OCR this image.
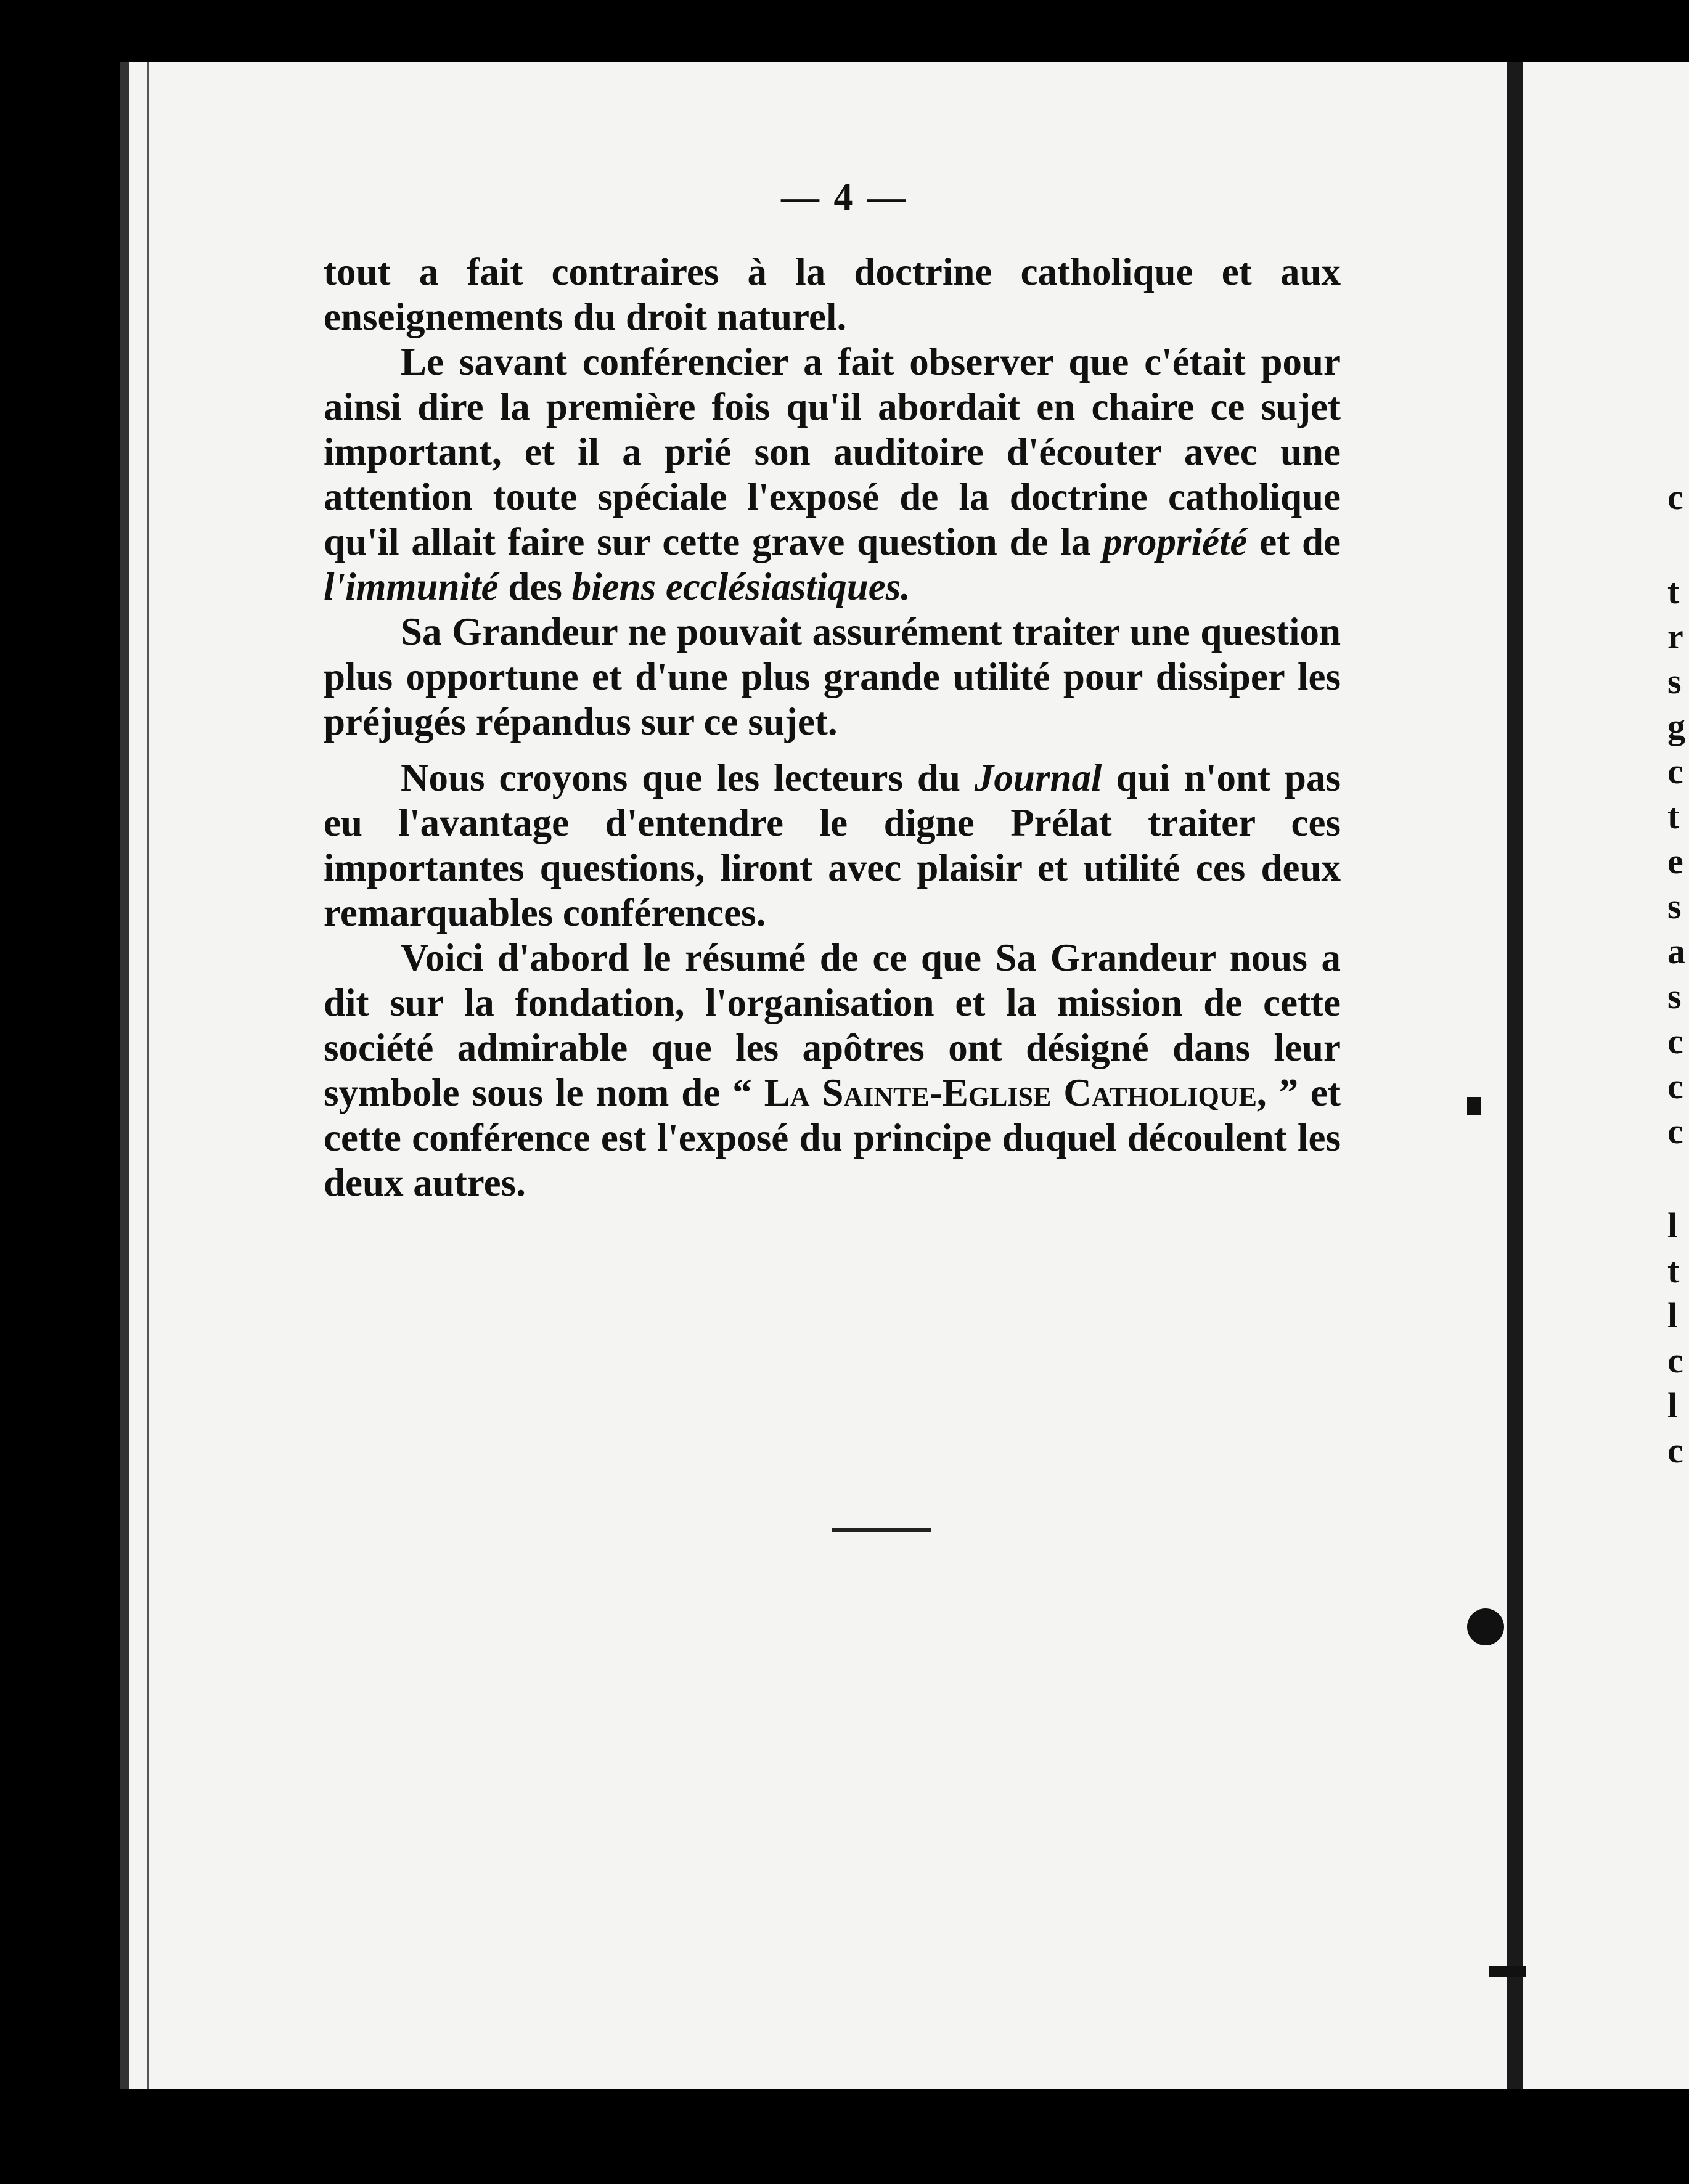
— 4 —

tout a fait contraires à la doctrine catholique et aux enseignements du droit naturel.

Le savant conférencier a fait observer que c'était pour ainsi dire la première fois qu'il abordait en chaire ce sujet important, et il a prié son auditoire d'écouter avec une attention toute spéciale l'exposé de la doctrine catholique qu'il allait faire sur cette grave question de la propriété et de l'immunité des biens ecclésiastiques.

Sa Grandeur ne pouvait assurément traiter une question plus opportune et d'une plus grande utilité pour dissiper les préjugés répandus sur ce sujet.

Nous croyons que les lecteurs du Journal qui n'ont pas eu l'avantage d'entendre le digne Prélat traiter ces importantes questions, liront avec plaisir et utilité ces deux remarquables conférences.

Voici d'abord le résumé de ce que Sa Grandeur nous a dit sur la fondation, l'organisation et la mission de cette société admirable que les apôtres ont désigné dans leur symbole sous le nom de “ La Sainte-Eglise Catholique, ” et cette conférence est l'exposé du principe duquel découlent les deux autres.

c
t
r
s
g
c
t
e
s
a
s
c
c
c
l
t
l
c
l
c
